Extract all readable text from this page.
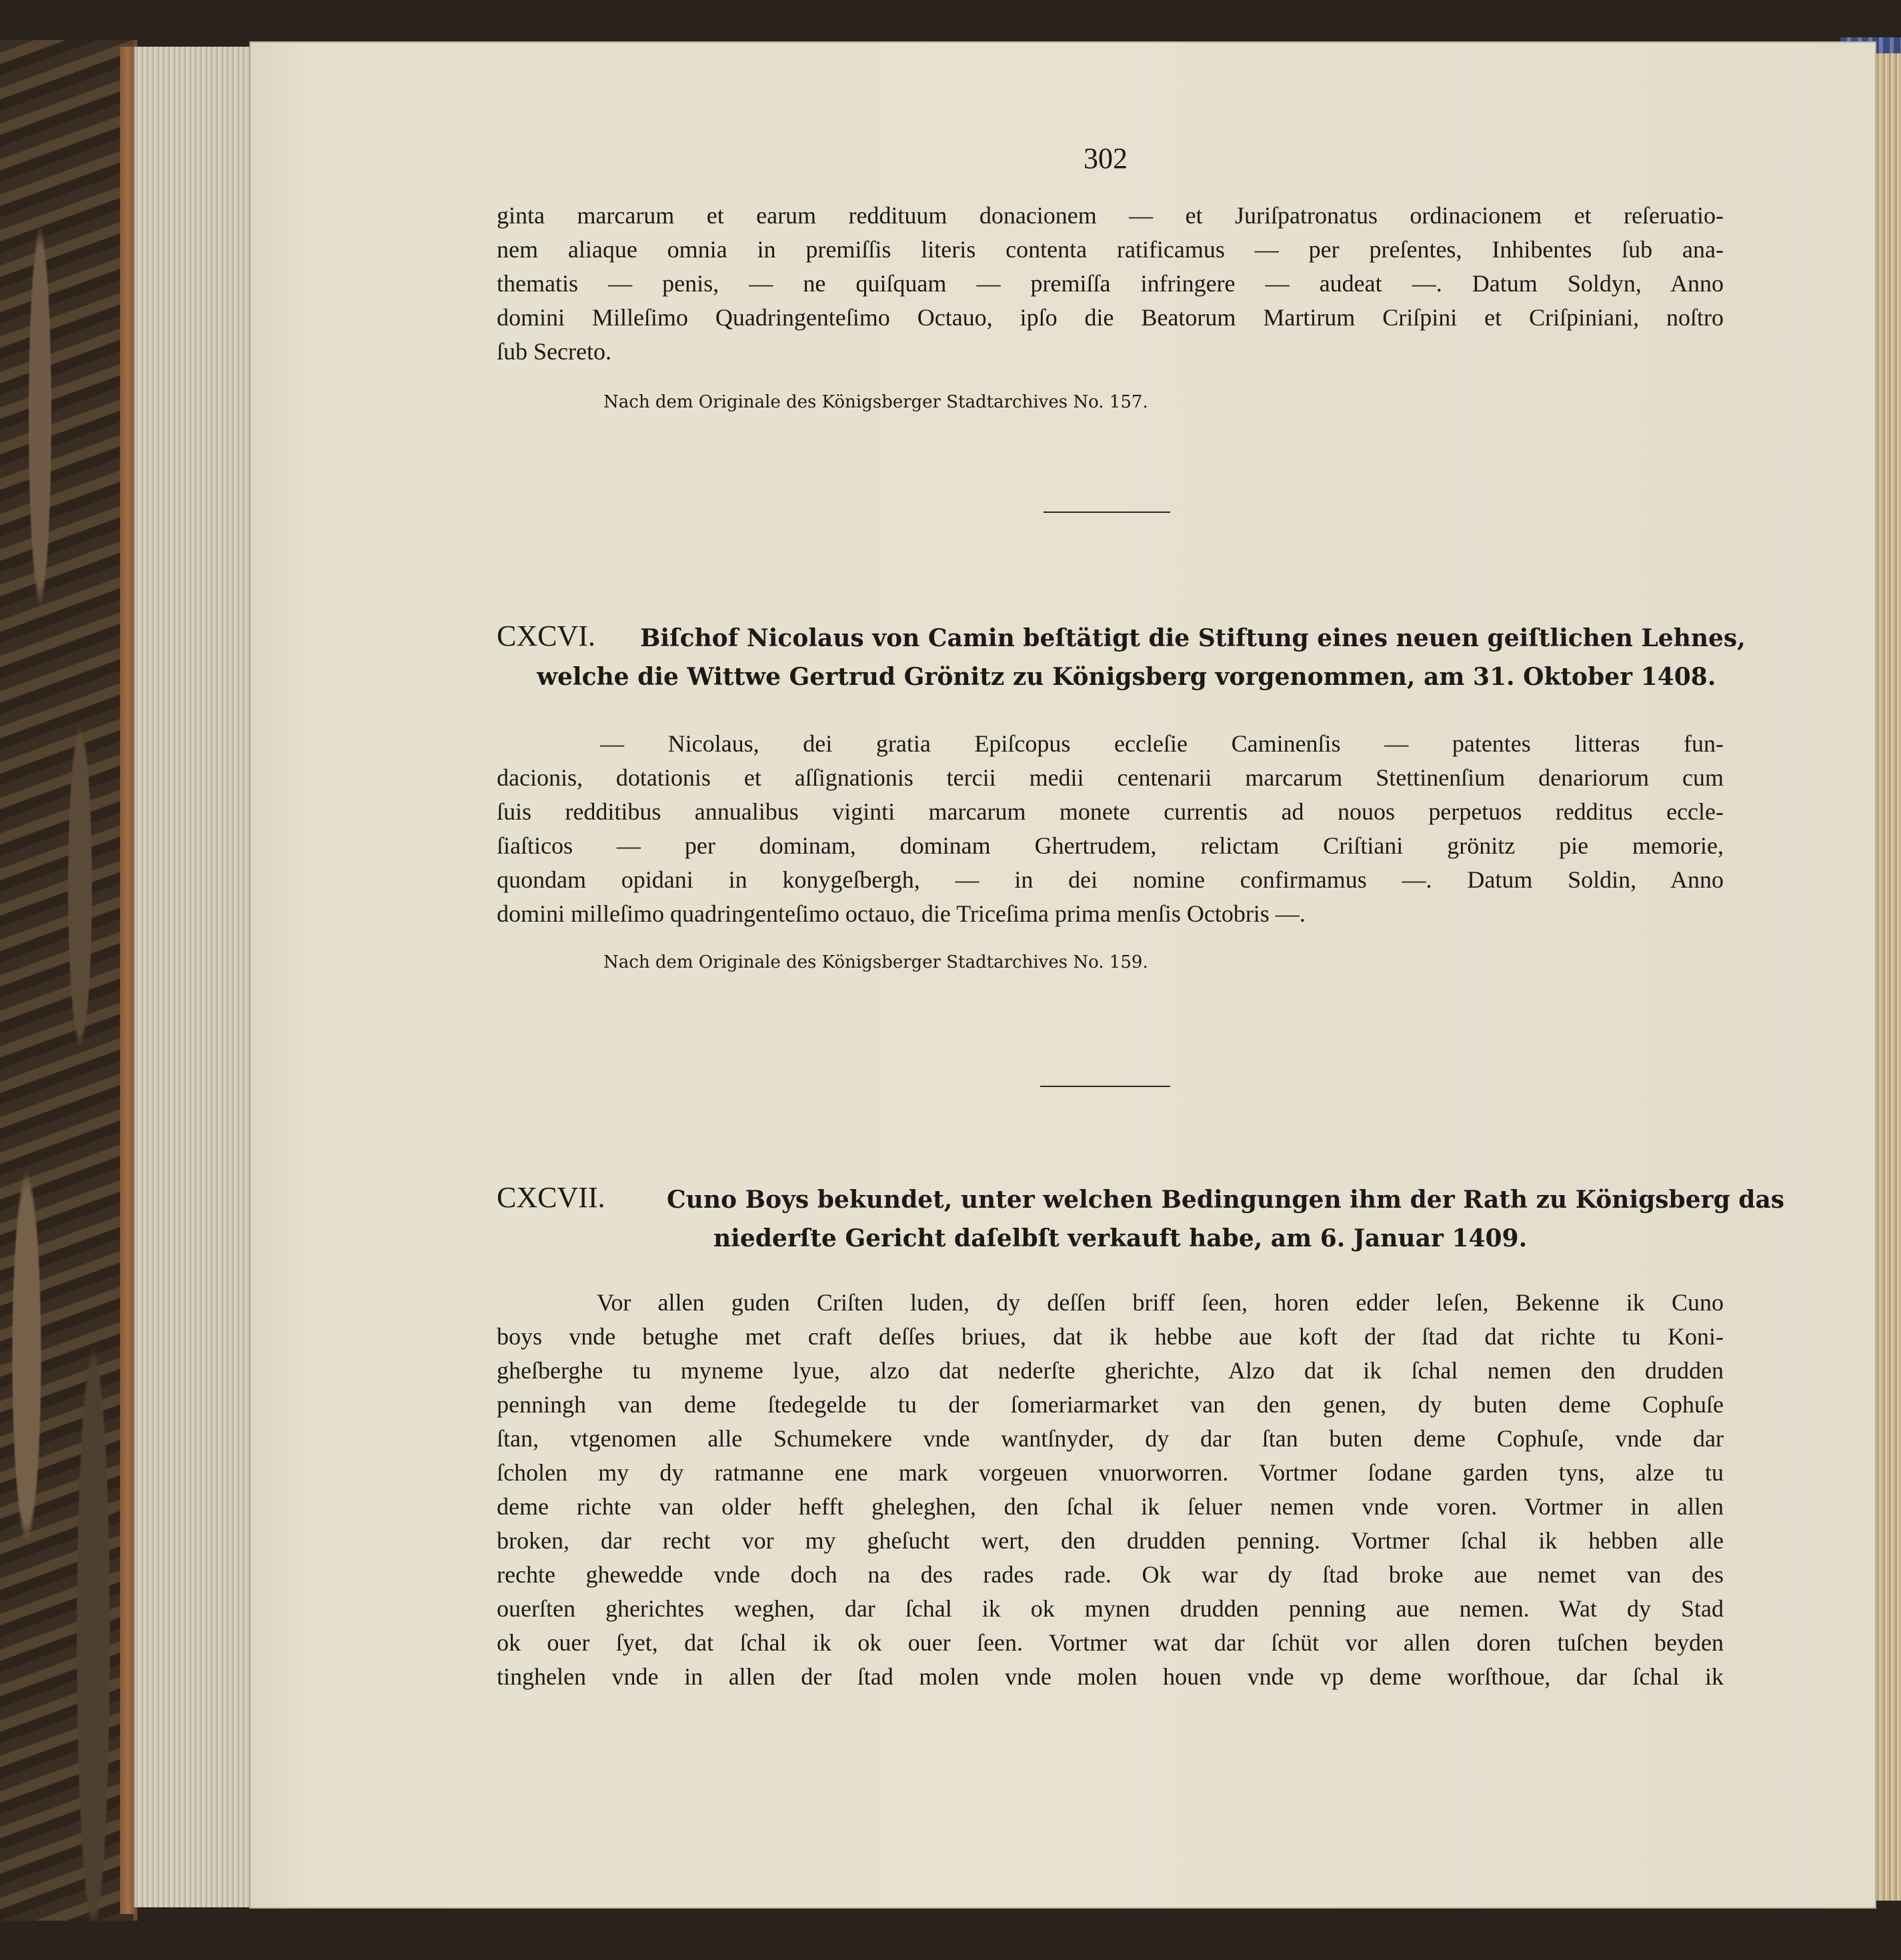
302
ginta marcarum et earum reddituum donacionem — et Juriſpatronatus ordinacionem et reſeruatio-
nem aliaque omnia in premiſſis literis contenta ratificamus — per preſentes, Inhibentes ſub ana-
thematis — penis, — ne quiſquam — premiſſa infringere — audeat —. Datum Soldyn, Anno
domini Milleſimo Quadringenteſimo Octauo, ipſo die Beatorum Martirum Criſpini et Criſpiniani, noſtro
ſub Secreto.
Nach dem Originale des Königsberger Stadtarchives No. 157.
CXCVI. Biſchof Nicolaus von Camin beſtätigt die Stiftung eines neuen geiſtlichen Lehnes,
welche die Wittwe Gertrud Grönitz zu Königsberg vorgenommen, am 31. Oktober 1408.
— Nicolaus, dei gratia Epiſcopus eccleſie Caminenſis — patentes litteras fun-
dacionis, dotationis et aſſignationis tercii medii centenarii marcarum Stettinenſium denariorum cum
ſuis redditibus annualibus viginti marcarum monete currentis ad nouos perpetuos redditus eccle-
ſiaſticos — per dominam, dominam Ghertrudem, relictam Criſtiani grönitz pie memorie,
quondam opidani in konygeſbergh, — in dei nomine confirmamus —. Datum Soldin, Anno
domini milleſimo quadringenteſimo octauo, die Triceſima prima menſis Octobris —.
Nach dem Originale des Königsberger Stadtarchives No. 159.
CXCVII.	Cuno Boys bekundet, unter welchen Bedingungen ihm der Rath zu Königsberg das
niederſte Gericht daſelbſt verkauft habe, am 6. Januar 1409.
Vor allen guden Criſten luden, dy deſſen briff ſeen, horen edder leſen, Bekenne ik Cuno
boys vnde betughe met craft deſſes briues, dat ik hebbe aue koft der ſtad dat richte tu Koni-
gheſberghe tu myneme lyue, alzo dat nederſte gherichte, Alzo dat ik ſchal nemen den drudden
penningh van deme ſtedegelde tu der ſomeriarmarket van den genen, dy buten deme Cophuſe
ſtan, vtgenomen alle Schumekere vnde wantſnyder, dy dar ſtan buten deme Cophuſe, vnde dar
ſcholen my dy ratmanne ene mark vorgeuen vnuorworren. Vortmer ſodane garden tyns, alze tu
deme richte van older hefft gheleghen, den ſchal ik ſeluer nemen vnde voren. Vortmer in allen
broken, dar recht vor my gheſucht wert, den drudden penning. Vortmer ſchal ik hebben alle
rechte ghewedde vnde doch na des rades rade. Ok war dy ſtad broke aue nemet van des
ouerſten gherichtes weghen, dar ſchal ik ok mynen drudden penning aue nemen. Wat dy Stad
ok ouer ſyet, dat ſchal ik ok ouer ſeen. Vortmer wat dar ſchüt vor allen doren tuſchen beyden
tinghelen vnde in allen der ſtad molen vnde molen houen vnde vp deme worſthoue, dar ſchal ik
